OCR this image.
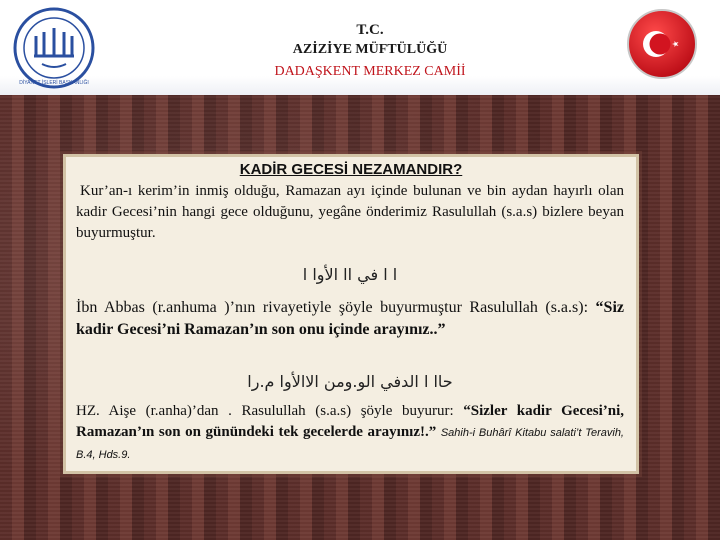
DİYANET İŞLERİ BAŞKANLIĞI
T.C.
AZİZİYE MÜFTÜLÜĞÜ
DADAŞKENT MERKEZ CAMİİ
KADİR GECESİ NEZAMANDIR?
Kur’an-ı kerim’in inmiş olduğu, Ramazan ayı içinde bulunan ve bin aydan hayırlı olan kadir Gecesi’nin hangi gece olduğunu, yegâne önderimiz Rasulullah (s.a.s) bizlere beyan buyurmuştur.
ا ا في اا الأوا ا
İbn Abbas (r.anhuma )’nın rivayetiyle şöyle buyurmuştur Rasulullah (s.a.s): “Siz kadir Gecesi’ni Ramazan’ın son onu içinde arayınız..”
حاا ا الدفي الو.ومن الاالأوا م.را
HZ. Aişe (r.anha)’dan . Rasulullah (s.a.s) şöyle buyurur: “Sizler kadir Gecesi’ni, Ramazan’ın son on günündeki tek gecelerde arayınız!.” Sahih-i Buhârî Kitabu salati’t Teravih, B.4, Hds.9.
